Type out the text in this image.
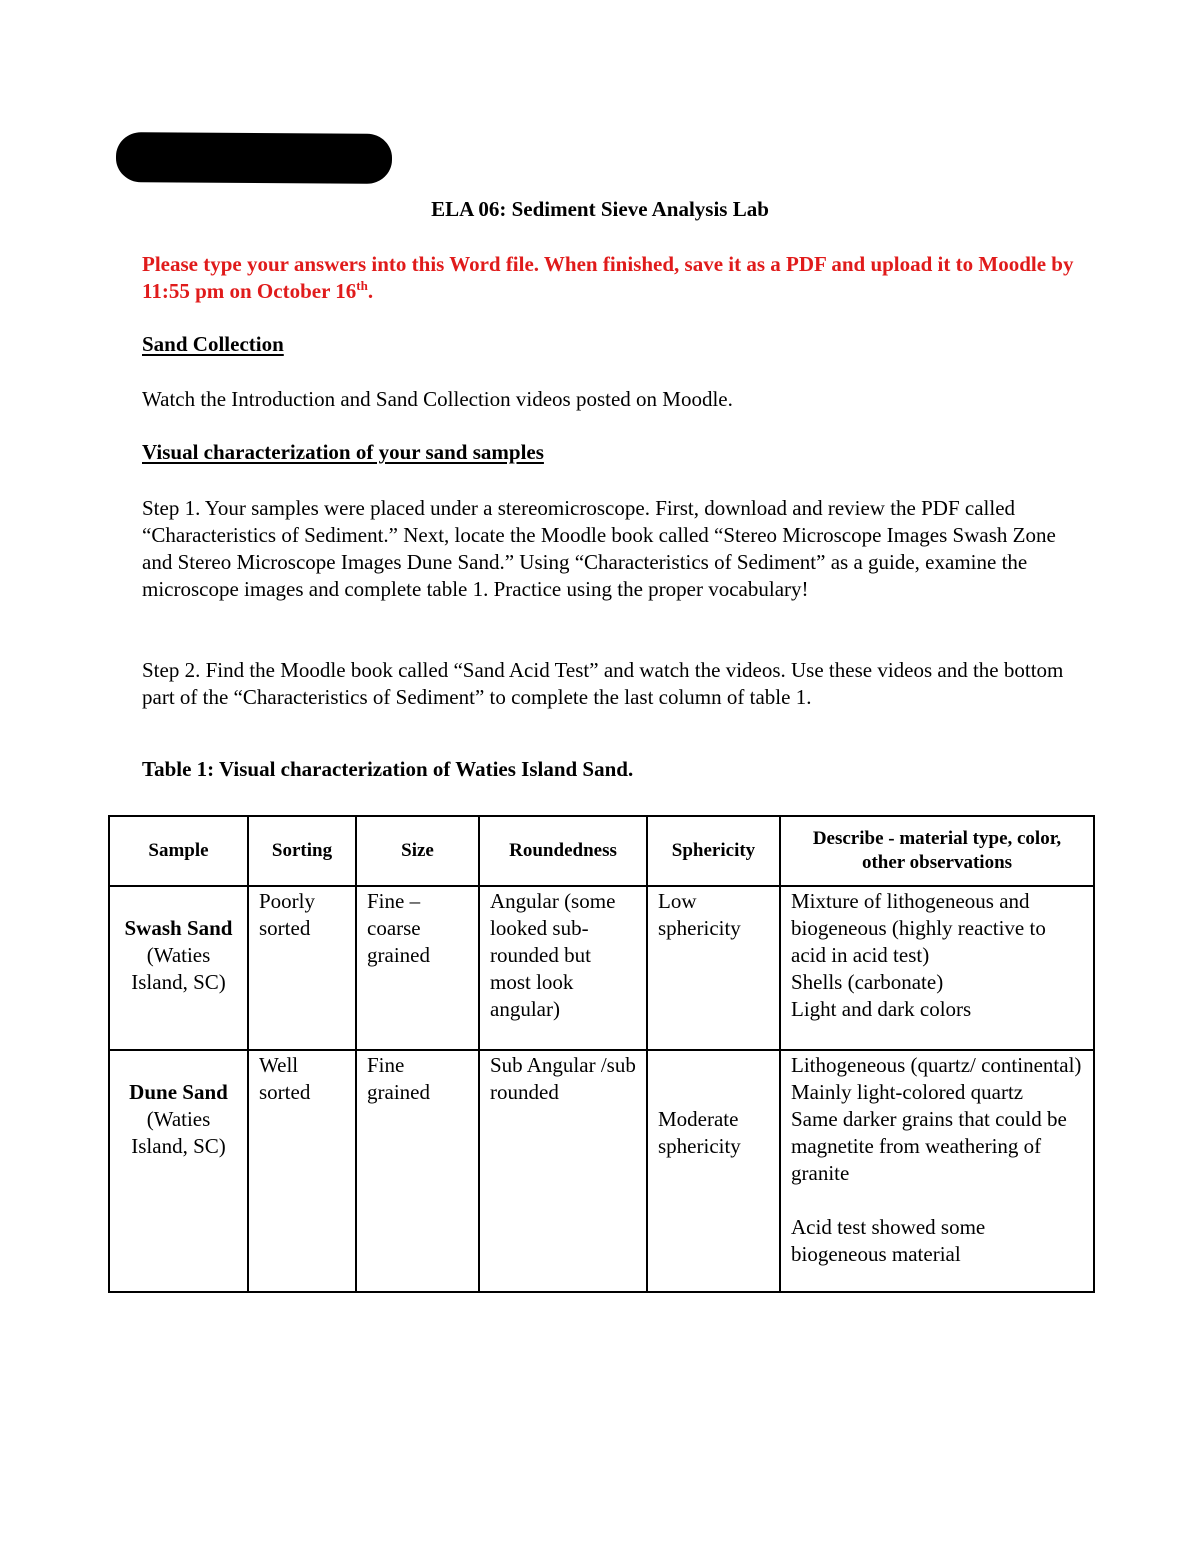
ELA 06: Sediment Sieve Analysis Lab
Please type your answers into this Word file. When finished, save it as a PDF and upload it to Moodle by 11:55 pm on October 16th.
Sand Collection

Watch the Introduction and Sand Collection videos posted on Moodle.

Visual characterization of your sand samples

Step 1. Your samples were placed under a stereomicroscope. First, download and review the PDF called “Characteristics of Sediment.” Next, locate the Moodle book called “Stereo Microscope Images Swash Zone and Stereo Microscope Images Dune Sand.” Using “Characteristics of Sediment” as a guide, examine the microscope images and complete table 1. Practice using the proper vocabulary!

Step 2. Find the Moodle book called “Sand Acid Test” and watch the videos. Use these videos and the bottom part of the “Characteristics of Sediment” to complete the last column of table 1.

Table 1: Visual characterization of Waties Island Sand.
Sample	Sorting	Size	Roundedness	Sphericity	Describe - material type, color, other observations

Swash Sand
(Waties Island, SC)	Poorly sorted	Fine – coarse grained	Angular (some looked sub-rounded but most look angular)	Low sphericity	Mixture of lithogeneous and biogeneous (highly reactive to acid in acid test)
Shells (carbonate)
Light and dark colors

Dune Sand
(Waties Island, SC)	Well sorted	Fine grained	Sub Angular /sub rounded	Moderate sphericity	Lithogeneous (quartz/ continental)
Mainly light-colored quartz
Same darker grains that could be magnetite from weathering of granite
Acid test showed some biogeneous material
